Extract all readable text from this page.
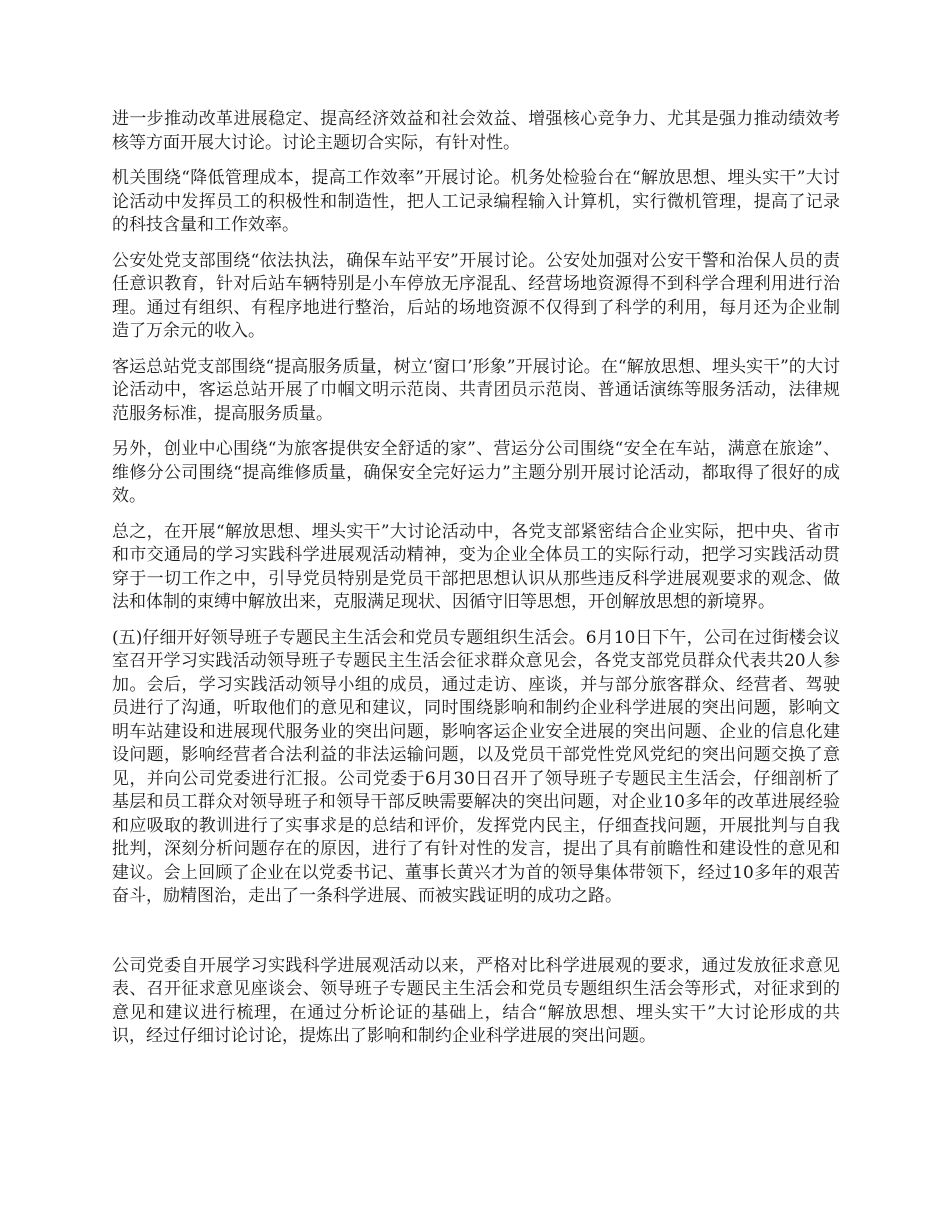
进一步推动改革进展稳定、提高经济效益和社会效益、增强核心竞争力、尤其是强力推动绩效考核等方面开展大讨论。讨论主题切合实际，有针对性。

机关围绕“降低管理成本，提高工作效率”开展讨论。机务处检验台在“解放思想、埋头实干”大讨论活动中发挥员工的积极性和制造性，把人工记录编程输入计算机，实行微机管理，提高了记录的科技含量和工作效率。

公安处党支部围绕“依法执法，确保车站平安”开展讨论。公安处加强对公安干警和治保人员的责任意识教育，针对后站车辆特别是小车停放无序混乱、经营场地资源得不到科学合理利用进行治理。通过有组织、有程序地进行整治，后站的场地资源不仅得到了科学的利用，每月还为企业制造了万余元的收入。

客运总站党支部围绕“提高服务质量，树立‘窗口’形象”开展讨论。在“解放思想、埋头实干”的大讨论活动中，客运总站开展了巾帼文明示范岗、共青团员示范岗、普通话演练等服务活动，法律规范服务标准，提高服务质量。

另外，创业中心围绕“为旅客提供安全舒适的家”、营运分公司围绕“安全在车站，满意在旅途”、维修分公司围绕“提高维修质量，确保安全完好运力”主题分别开展讨论活动，都取得了很好的成效。

总之，在开展“解放思想、埋头实干”大讨论活动中，各党支部紧密结合企业实际，把中央、省市和市交通局的学习实践科学进展观活动精神，变为企业全体员工的实际行动，把学习实践活动贯穿于一切工作之中，引导党员特别是党员干部把思想认识从那些违反科学进展观要求的观念、做法和体制的束缚中解放出来，克服满足现状、因循守旧等思想，开创解放思想的新境界。

(五)仔细开好领导班子专题民主生活会和党员专题组织生活会。6月10日下午，公司在过街楼会议室召开学习实践活动领导班子专题民主生活会征求群众意见会，各党支部党员群众代表共20人参加。会后，学习实践活动领导小组的成员，通过走访、座谈，并与部分旅客群众、经营者、驾驶员进行了沟通，听取他们的意见和建议，同时围绕影响和制约企业科学进展的突出问题，影响文明车站建设和进展现代服务业的突出问题，影响客运企业安全进展的突出问题、企业的信息化建设问题，影响经营者合法利益的非法运输问题，以及党员干部党性党风党纪的突出问题交换了意见，并向公司党委进行汇报。公司党委于6月30日召开了领导班子专题民主生活会，仔细剖析了基层和员工群众对领导班子和领导干部反映需要解决的突出问题，对企业10多年的改革进展经验和应吸取的教训进行了实事求是的总结和评价，发挥党内民主，仔细查找问题，开展批判与自我批判，深刻分析问题存在的原因，进行了有针对性的发言，提出了具有前瞻性和建设性的意见和建议。会上回顾了企业在以党委书记、董事长黄兴才为首的领导集体带领下，经过10多年的艰苦奋斗，励精图治，走出了一条科学进展、而被实践证明的成功之路。

公司党委自开展学习实践科学进展观活动以来，严格对比科学进展观的要求，通过发放征求意见表、召开征求意见座谈会、领导班子专题民主生活会和党员专题组织生活会等形式，对征求到的意见和建议进行梳理，在通过分析论证的基础上，结合“解放思想、埋头实干”大讨论形成的共识，经过仔细讨论讨论，提炼出了影响和制约企业科学进展的突出问题。
